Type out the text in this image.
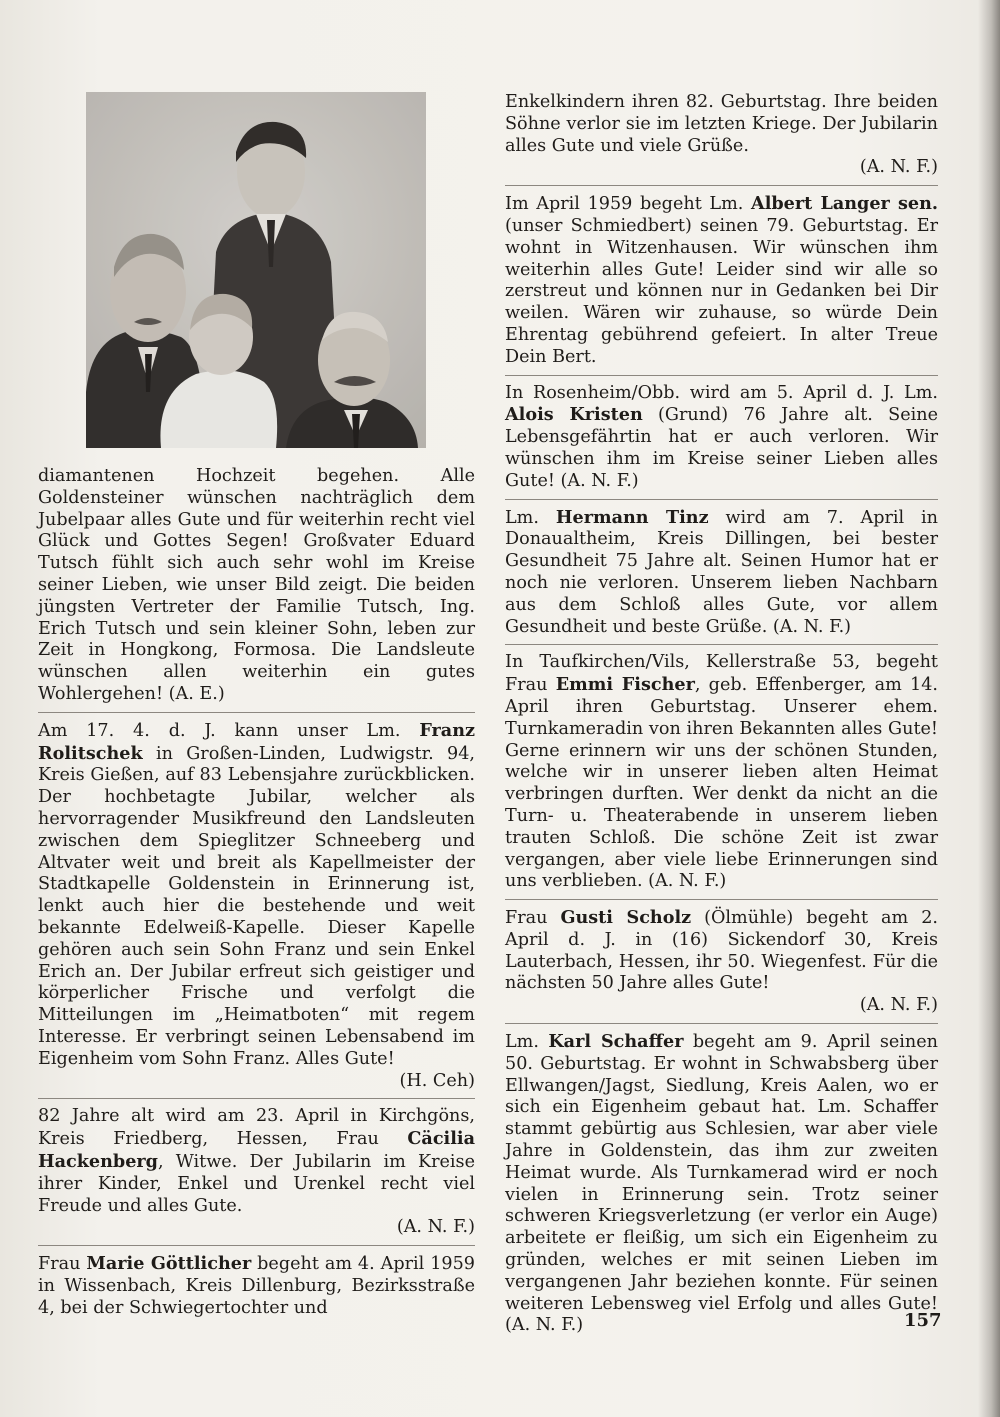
diamantenen Hochzeit begehen. Alle Goldensteiner wünschen nachträglich dem Jubelpaar alles Gute und für weiterhin recht viel Glück und Gottes Segen! Großvater Eduard Tutsch fühlt sich auch sehr wohl im Kreise seiner Lieben, wie unser Bild zeigt. Die beiden jüngsten Vertreter der Familie Tutsch, Ing. Erich Tutsch und sein kleiner Sohn, leben zur Zeit in Hongkong, Formosa. Die Landsleute wünschen allen weiterhin ein gutes Wohlergehen! (A. E.)

Am 17. 4. d. J. kann unser Lm. Franz Rolitschek in Großen-Linden, Ludwigstr. 94, Kreis Gießen, auf 83 Lebensjahre zurückblicken. Der hochbetagte Jubilar, welcher als hervorragender Musikfreund den Landsleuten zwischen dem Spieglitzer Schneeberg und Altvater weit und breit als Kapellmeister der Stadtkapelle Goldenstein in Erinnerung ist, lenkt auch hier die bestehende und weit bekannte Edelweiß-Kapelle. Dieser Kapelle gehören auch sein Sohn Franz und sein Enkel Erich an. Der Jubilar erfreut sich geistiger und körperlicher Frische und verfolgt die Mitteilungen im „Heimatboten“ mit regem Interesse. Er verbringt seinen Lebensabend im Eigenheim vom Sohn Franz. Alles Gute!
(H. Ceh)

82 Jahre alt wird am 23. April in Kirchgöns, Kreis Friedberg, Hessen, Frau Cäcilia Hackenberg, Witwe. Der Jubilarin im Kreise ihrer Kinder, Enkel und Urenkel recht viel Freude und alles Gute.
(A. N. F.)

Frau Marie Göttlicher begeht am 4. April 1959 in Wissenbach, Kreis Dillenburg, Bezirksstraße 4, bei der Schwiegertochter und

Enkelkindern ihren 82. Geburtstag. Ihre beiden Söhne verlor sie im letzten Kriege. Der Jubilarin alles Gute und viele Grüße.
(A. N. F.)

Im April 1959 begeht Lm. Albert Langer sen. (unser Schmiedbert) seinen 79. Geburtstag. Er wohnt in Witzenhausen. Wir wünschen ihm weiterhin alles Gute! Leider sind wir alle so zerstreut und können nur in Gedanken bei Dir weilen. Wären wir zuhause, so würde Dein Ehrentag gebührend gefeiert. In alter Treue Dein Bert.

In Rosenheim/Obb. wird am 5. April d. J. Lm. Alois Kristen (Grund) 76 Jahre alt. Seine Lebensgefährtin hat er auch verloren. Wir wünschen ihm im Kreise seiner Lieben alles Gute! (A. N. F.)

Lm. Hermann Tinz wird am 7. April in Donaualtheim, Kreis Dillingen, bei bester Gesundheit 75 Jahre alt. Seinen Humor hat er noch nie verloren. Unserem lieben Nachbarn aus dem Schloß alles Gute, vor allem Gesundheit und beste Grüße. (A. N. F.)

In Taufkirchen/Vils, Kellerstraße 53, begeht Frau Emmi Fischer, geb. Effenberger, am 14. April ihren Geburtstag. Unserer ehem. Turnkameradin von ihren Bekannten alles Gute! Gerne erinnern wir uns der schönen Stunden, welche wir in unserer lieben alten Heimat verbringen durften. Wer denkt da nicht an die Turn- u. Theaterabende in unserem lieben trauten Schloß. Die schöne Zeit ist zwar vergangen, aber viele liebe Erinnerungen sind uns verblieben. (A. N. F.)

Frau Gusti Scholz (Ölmühle) begeht am 2. April d. J. in (16) Sickendorf 30, Kreis Lauterbach, Hessen, ihr 50. Wiegenfest. Für die nächsten 50 Jahre alles Gute!
(A. N. F.)

Lm. Karl Schaffer begeht am 9. April seinen 50. Geburtstag. Er wohnt in Schwabsberg über Ellwangen/Jagst, Siedlung, Kreis Aalen, wo er sich ein Eigenheim gebaut hat. Lm. Schaffer stammt gebürtig aus Schlesien, war aber viele Jahre in Goldenstein, das ihm zur zweiten Heimat wurde. Als Turnkamerad wird er noch vielen in Erinnerung sein. Trotz seiner schweren Kriegsverletzung (er verlor ein Auge) arbeitete er fleißig, um sich ein Eigenheim zu gründen, welches er mit seinen Lieben im vergangenen Jahr beziehen konnte. Für seinen weiteren Lebensweg viel Erfolg und alles Gute! (A. N. F.)	157
